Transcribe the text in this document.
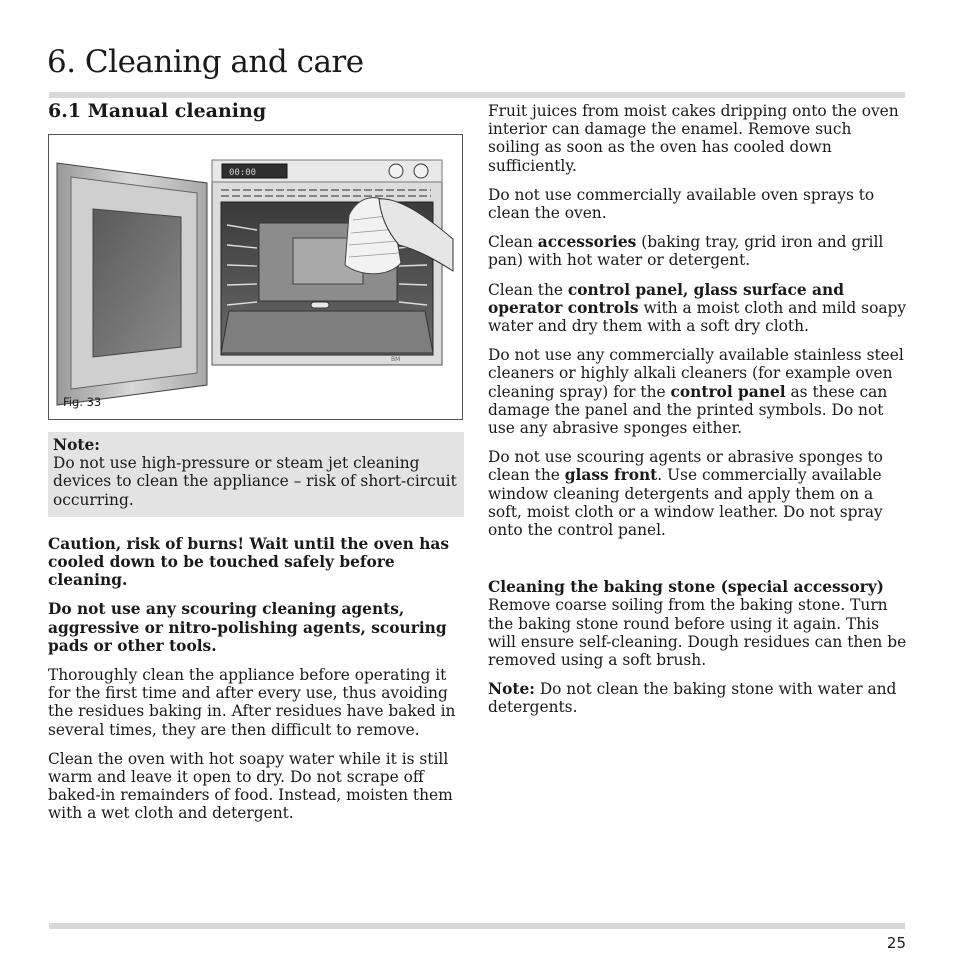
6. Cleaning and care
6.1 Manual cleaning
00:00
BM
Fig. 33
Note:
Do not use high-pressure or steam jet cleaning devices to clean the appliance – risk of short-circuit occurring.

Caution, risk of burns! Wait until the oven has cooled down to be touched safely before cleaning.

Do not use any scouring cleaning agents, aggressive or nitro-polishing agents, scouring pads or other tools.

Thoroughly clean the appliance before operating it for the first time and after every use, thus avoiding the residues baking in. After residues have baked in several times, they are then difficult to remove.

Clean the oven with hot soapy water while it is still warm and leave it open to dry. Do not scrape off baked-in remainders of food. Instead, moisten them with a wet cloth and detergent.

Fruit juices from moist cakes dripping onto the oven interior can damage the enamel. Remove such soiling as soon as the oven has cooled down sufficiently.

Do not use commercially available oven sprays to clean the oven.

Clean accessories (baking tray, grid iron and grill pan) with hot water or detergent.

Clean the control panel, glass surface and operator controls with a moist cloth and mild soapy water and dry them with a soft dry cloth.

Do not use any commercially available stainless steel cleaners or highly alkali cleaners (for example oven cleaning spray) for the control panel as these can damage the panel and the printed symbols. Do not use any abrasive sponges either.

Do not use scouring agents or abrasive sponges to clean the glass front. Use commercially available window cleaning detergents and apply them on a soft, moist cloth or a window leather. Do not spray onto the control panel.

Cleaning the baking stone (special accessory)
Remove coarse soiling from the baking stone. Turn the baking stone round before using it again. This will ensure self-cleaning. Dough residues can then be removed using a soft brush.

Note: Do not clean the baking stone with water and detergents.

25
